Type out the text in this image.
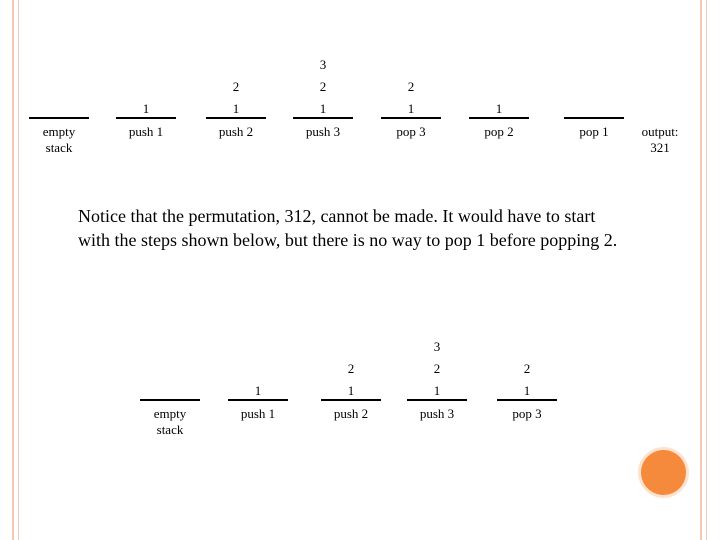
empty
stack
1
push 1
1
2
push 2
1
2
3
push 3
1
2
pop 3
1
pop 2	pop 1	output:
321

Notice that the permutation, 312, cannot be made. It would have to start with the steps shown below, but there is no way to pop 1 before popping 2.

empty
stack
1
push 1
1
2
push 2
1
2
3
push 3
1
2
pop 3
